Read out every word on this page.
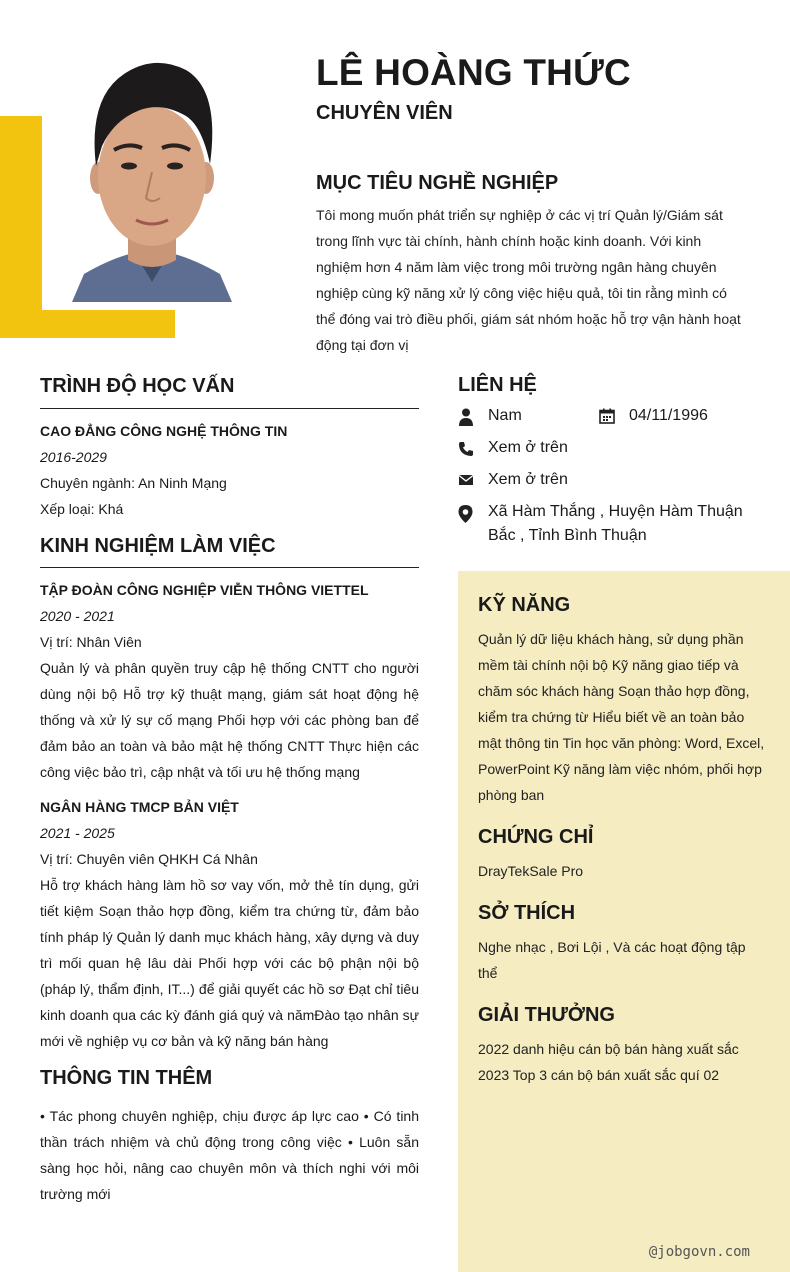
LÊ HOÀNG THỨC
CHUYÊN VIÊN
MỤC TIÊU NGHỀ NGHIỆP
Tôi mong muốn phát triển sự nghiệp ở các vị trí Quản lý/Giám sát trong lĩnh vực tài chính, hành chính hoặc kinh doanh. Với kinh nghiệm hơn 4 năm làm việc trong môi trường ngân hàng chuyên nghiệp cùng kỹ năng xử lý công việc hiệu quả, tôi tin rằng mình có thể đóng vai trò điều phối, giám sát nhóm hoặc hỗ trợ vận hành hoạt động tại đơn vị
TRÌNH ĐỘ HỌC VẤN
CAO ĐẲNG CÔNG NGHỆ THÔNG TIN
2016-2029
Chuyên ngành: An Ninh Mạng
Xếp loại: Khá
KINH NGHIỆM LÀM VIỆC
TẬP ĐOÀN CÔNG NGHIỆP VIỄN THÔNG VIETTEL
2020 - 2021
Vị trí: Nhân Viên
Quản lý và phân quyền truy cập hệ thống CNTT cho người dùng nội bộ Hỗ trợ kỹ thuật mạng, giám sát hoạt động hệ thống và xử lý sự cố mạng Phối hợp với các phòng ban để đảm bảo an toàn và bảo mật hệ thống CNTT Thực hiện các công việc bảo trì, cập nhật và tối ưu hệ thống mạng
NGÂN HÀNG TMCP BẢN VIỆT
2021 - 2025
Vị trí: Chuyên viên QHKH Cá Nhân
Hỗ trợ khách hàng làm hồ sơ vay vốn, mở thẻ tín dụng, gửi tiết kiệm Soạn thảo hợp đồng, kiểm tra chứng từ, đảm bảo tính pháp lý Quản lý danh mục khách hàng, xây dựng và duy trì mối quan hệ lâu dài Phối hợp với các bộ phận nội bộ (pháp lý, thẩm định, IT...) để giải quyết các hồ sơ Đạt chỉ tiêu kinh doanh qua các kỳ đánh giá quý và nămĐào tạo nhân sự mới về nghiệp vụ cơ bản và kỹ năng bán hàng
THÔNG TIN THÊM
• Tác phong chuyên nghiệp, chịu được áp lực cao • Có tinh thần trách nhiệm và chủ động trong công việc • Luôn sẵn sàng học hỏi, nâng cao chuyên môn và thích nghi với môi trường mới
LIÊN HỆ
Nam	04/11/1996
Xem ở trên
Xem ở trên
Xã Hàm Thắng , Huyện Hàm Thuận Bắc , Tỉnh Bình Thuận
KỸ NĂNG
Quản lý dữ liệu khách hàng, sử dụng phần mềm tài chính nội bộ Kỹ năng giao tiếp và chăm sóc khách hàng Soạn thảo hợp đồng, kiểm tra chứng từ Hiểu biết về an toàn bảo mật thông tin Tin học văn phòng: Word, Excel, PowerPoint Kỹ năng làm việc nhóm, phối hợp phòng ban
CHỨNG CHỈ
DrayTekSale Pro
SỞ THÍCH
Nghe nhạc , Bơi Lội , Và các hoạt động tập thể
GIẢI THƯỞNG
2022 danh hiệu cán bộ bán hàng xuất sắc
2023 Top 3 cán bộ bán xuất sắc quí 02
@jobgovn.com
